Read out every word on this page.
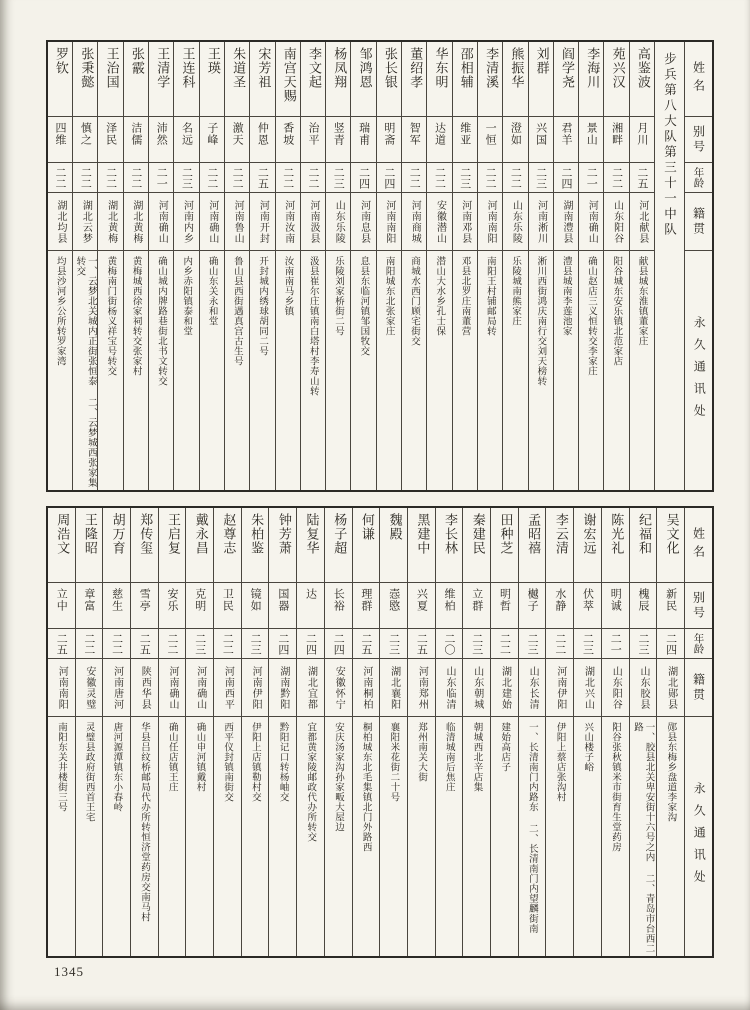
姓名
别号
年龄
籍贯
永久通讯处
步兵第八大队第三十一中队
高鉴波
月川
二五
河北献县
献县城东淮镇董家庄
苑兴汉
湘畔
二二
山东阳谷
阳谷城东安乐镇北范家店
李海川
景山
二一
河南确山
确山赵店三义恒转交李家庄
阎学尧
君羊
二四
湖南澧县
澧县城南李莲池家
刘群
兴国
二三
河南淅川
淅川西街鸿庆南行交刘天榜转
熊振华
澄如
二二
山东乐陵
乐陵城南熊家庄
李清溪
一恒
二二
河南南阳
南阳王村铺邮局转
邵相辅
维亚
二三
河南邓县
邓县北罗庄南董营
华东明
达道
二二
安徽潜山
潜山大水乡孔士保
董绍孝
智军
二二
河南商城
商城水西门顾宅街交
张长银
明斋
二四
河南南阳
南阳城东北张家庄
邹鸿恩
瑞甫
二四
河南息县
息县东临河镇邹国牧交
杨凤翔
竖青
二三
山东乐陵
乐陵刘家桥街二号
李文起
治平
二二
河南汲县
汲县崔尔庄镇南白塔村李寿山转
南宫天赐
香坡
二二
河南汝南
汝南南马乡镇
宋芳祖
仲恩
二五
河南开封
开封城内绣球胡同二号
朱道圣
激天
二二
河南鲁山
鲁山县西街遇真宫古生号
王瑛
子峰
二二
河南确山
确山东关永和堂
王连科
名远
二三
河南内乡
内乡赤阳镇泰和堂
王清学
沛然
二一
河南确山
确山城内牌路巷街北书文转交
张霰
洁儒
二二
湖北黄梅
黄梅城西徐家祠转交张家村
王治国
泽民
二二
湖北黄梅
黄梅南门街杨义祥宝号转交
张秉懿
慎之
二二
湖北云梦
一、云梦北关城内正街张恒泰 二、云梦城西张家集转交
罗钦
四维
二二
湖北均县
均县沙河乡公所转罗家湾
姓名
别号
年龄
籍贯
永久通讯处
吴文化
新民
二四
湖北郧县
郧县东梅乡盘道李家沟
纪福和
槐辰
二三
山东胶县
一、胶县北关卑安街十六号之内 二、青岛市台西二路
陈光礼
明诚
二一
山东阳谷
阳谷张秋镇米市街育生堂药房
谢宏远
伏萃
二三
湖北兴山
兴山楼子峪
李云清
水静
二二
河南伊阳
伊阳上蔡店张沟村
孟昭禧
樾子
二三
山东长清
一、长清南门内路东 二、长清南门内望麟街南
田种芝
明哲
二二
湖北建始
建始高店子
秦建民
立群
二三
山东朝城
朝城西北辛店集
李长林
维柏
二〇
山东临清
临清城南后焦庄
黑建中
兴夏
二五
河南郑州
郑州南关大街
魏殿
悫愍
二三
湖北襄阳
襄阳米花街二十号
何谦
理群
二五
河南桐柏
桐柏城东北毛集镇北门外路西
杨子超
长裕
二四
安徽怀宁
安庆汤家沟孙家畈大屋边
陆复华
达
二四
湖北宜都
宜都黄家陵邮政代办所转交
钟芳萧
国器
二四
湖南黔阳
黔阳记口转杨岫交
朱柏鉴
镜如
二三
河南伊阳
伊阳上店镇勒村交
赵尊志
卫民
二二
河南西平
西平仪封镇南街交
戴永昌
克明
二三
河南确山
确山申河镇戴村
王启复
安乐
二二
河南确山
确山任店镇王庄
郑传玺
雪亭
二五
陕西华县
华县吕纹桥邮局代办所转恒济堂药房交南马村
胡万育
慈生
二二
河南唐河
唐河源潭镇东小春岭
王隆昭
章富
二二
安徽灵璧
灵璧县政府街西首王宅
周浩文
立中
二五
河南南阳
南阳东关井楼街三号
1345
